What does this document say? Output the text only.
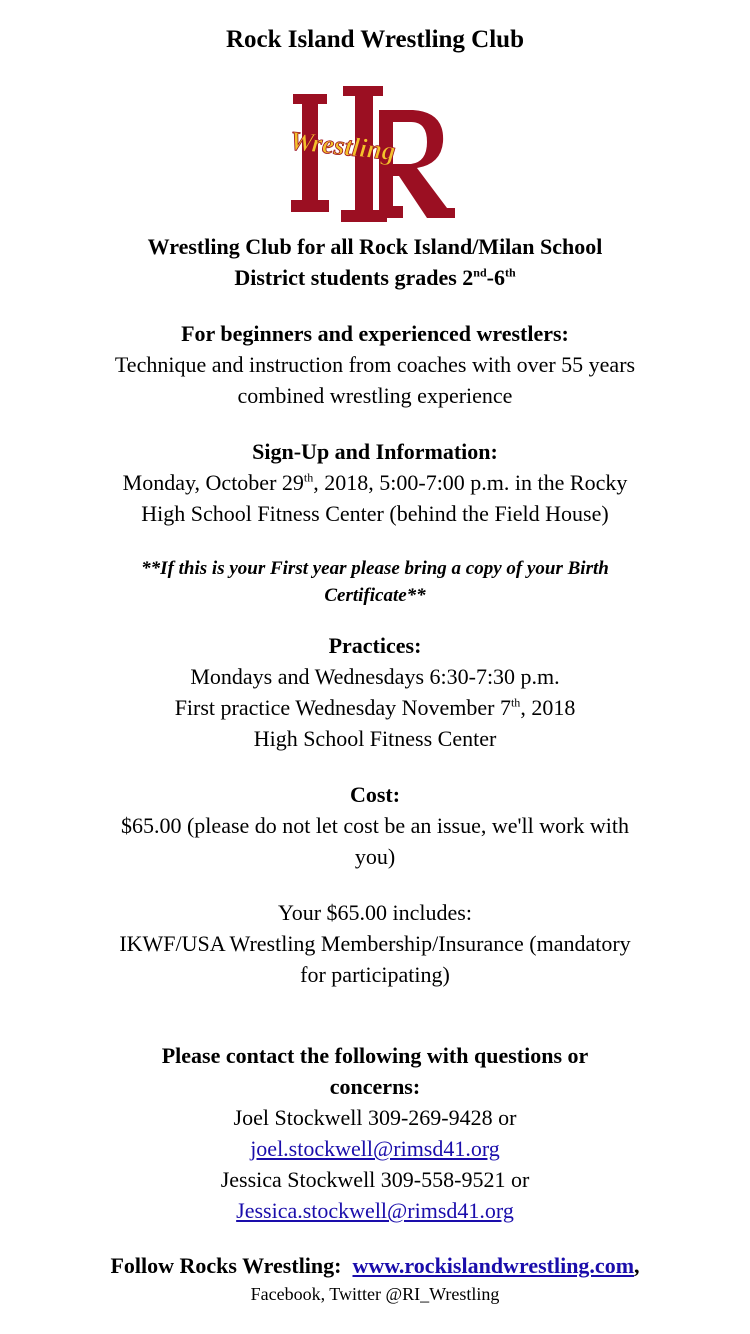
Rock Island Wrestling Club
Wrestling
Wrestling Club for all Rock Island/Milan School
District students grades 2nd-6th
For beginners and experienced wrestlers:
Technique and instruction from coaches with over 55 years
combined wrestling experience
Sign-Up and Information:
Monday, October 29th, 2018, 5:00-7:00 p.m. in the Rocky
High School Fitness Center (behind the Field House)
**If this is your First year please bring a copy of your Birth
Certificate**
Practices:
Mondays and Wednesdays 6:30-7:30 p.m.
First practice Wednesday November 7th, 2018
High School Fitness Center
Cost:
$65.00 (please do not let cost be an issue, we'll work with
you)
Your $65.00 includes:
IKWF/USA Wrestling Membership/Insurance (mandatory
for participating)
Please contact the following with questions or
concerns:
Joel Stockwell 309-269-9428 or
joel.stockwell@rimsd41.org
Jessica Stockwell 309-558-9521 or
Jessica.stockwell@rimsd41.org
Follow Rocks Wrestling: www.rockislandwrestling.com,
Facebook, Twitter @RI_Wrestling
